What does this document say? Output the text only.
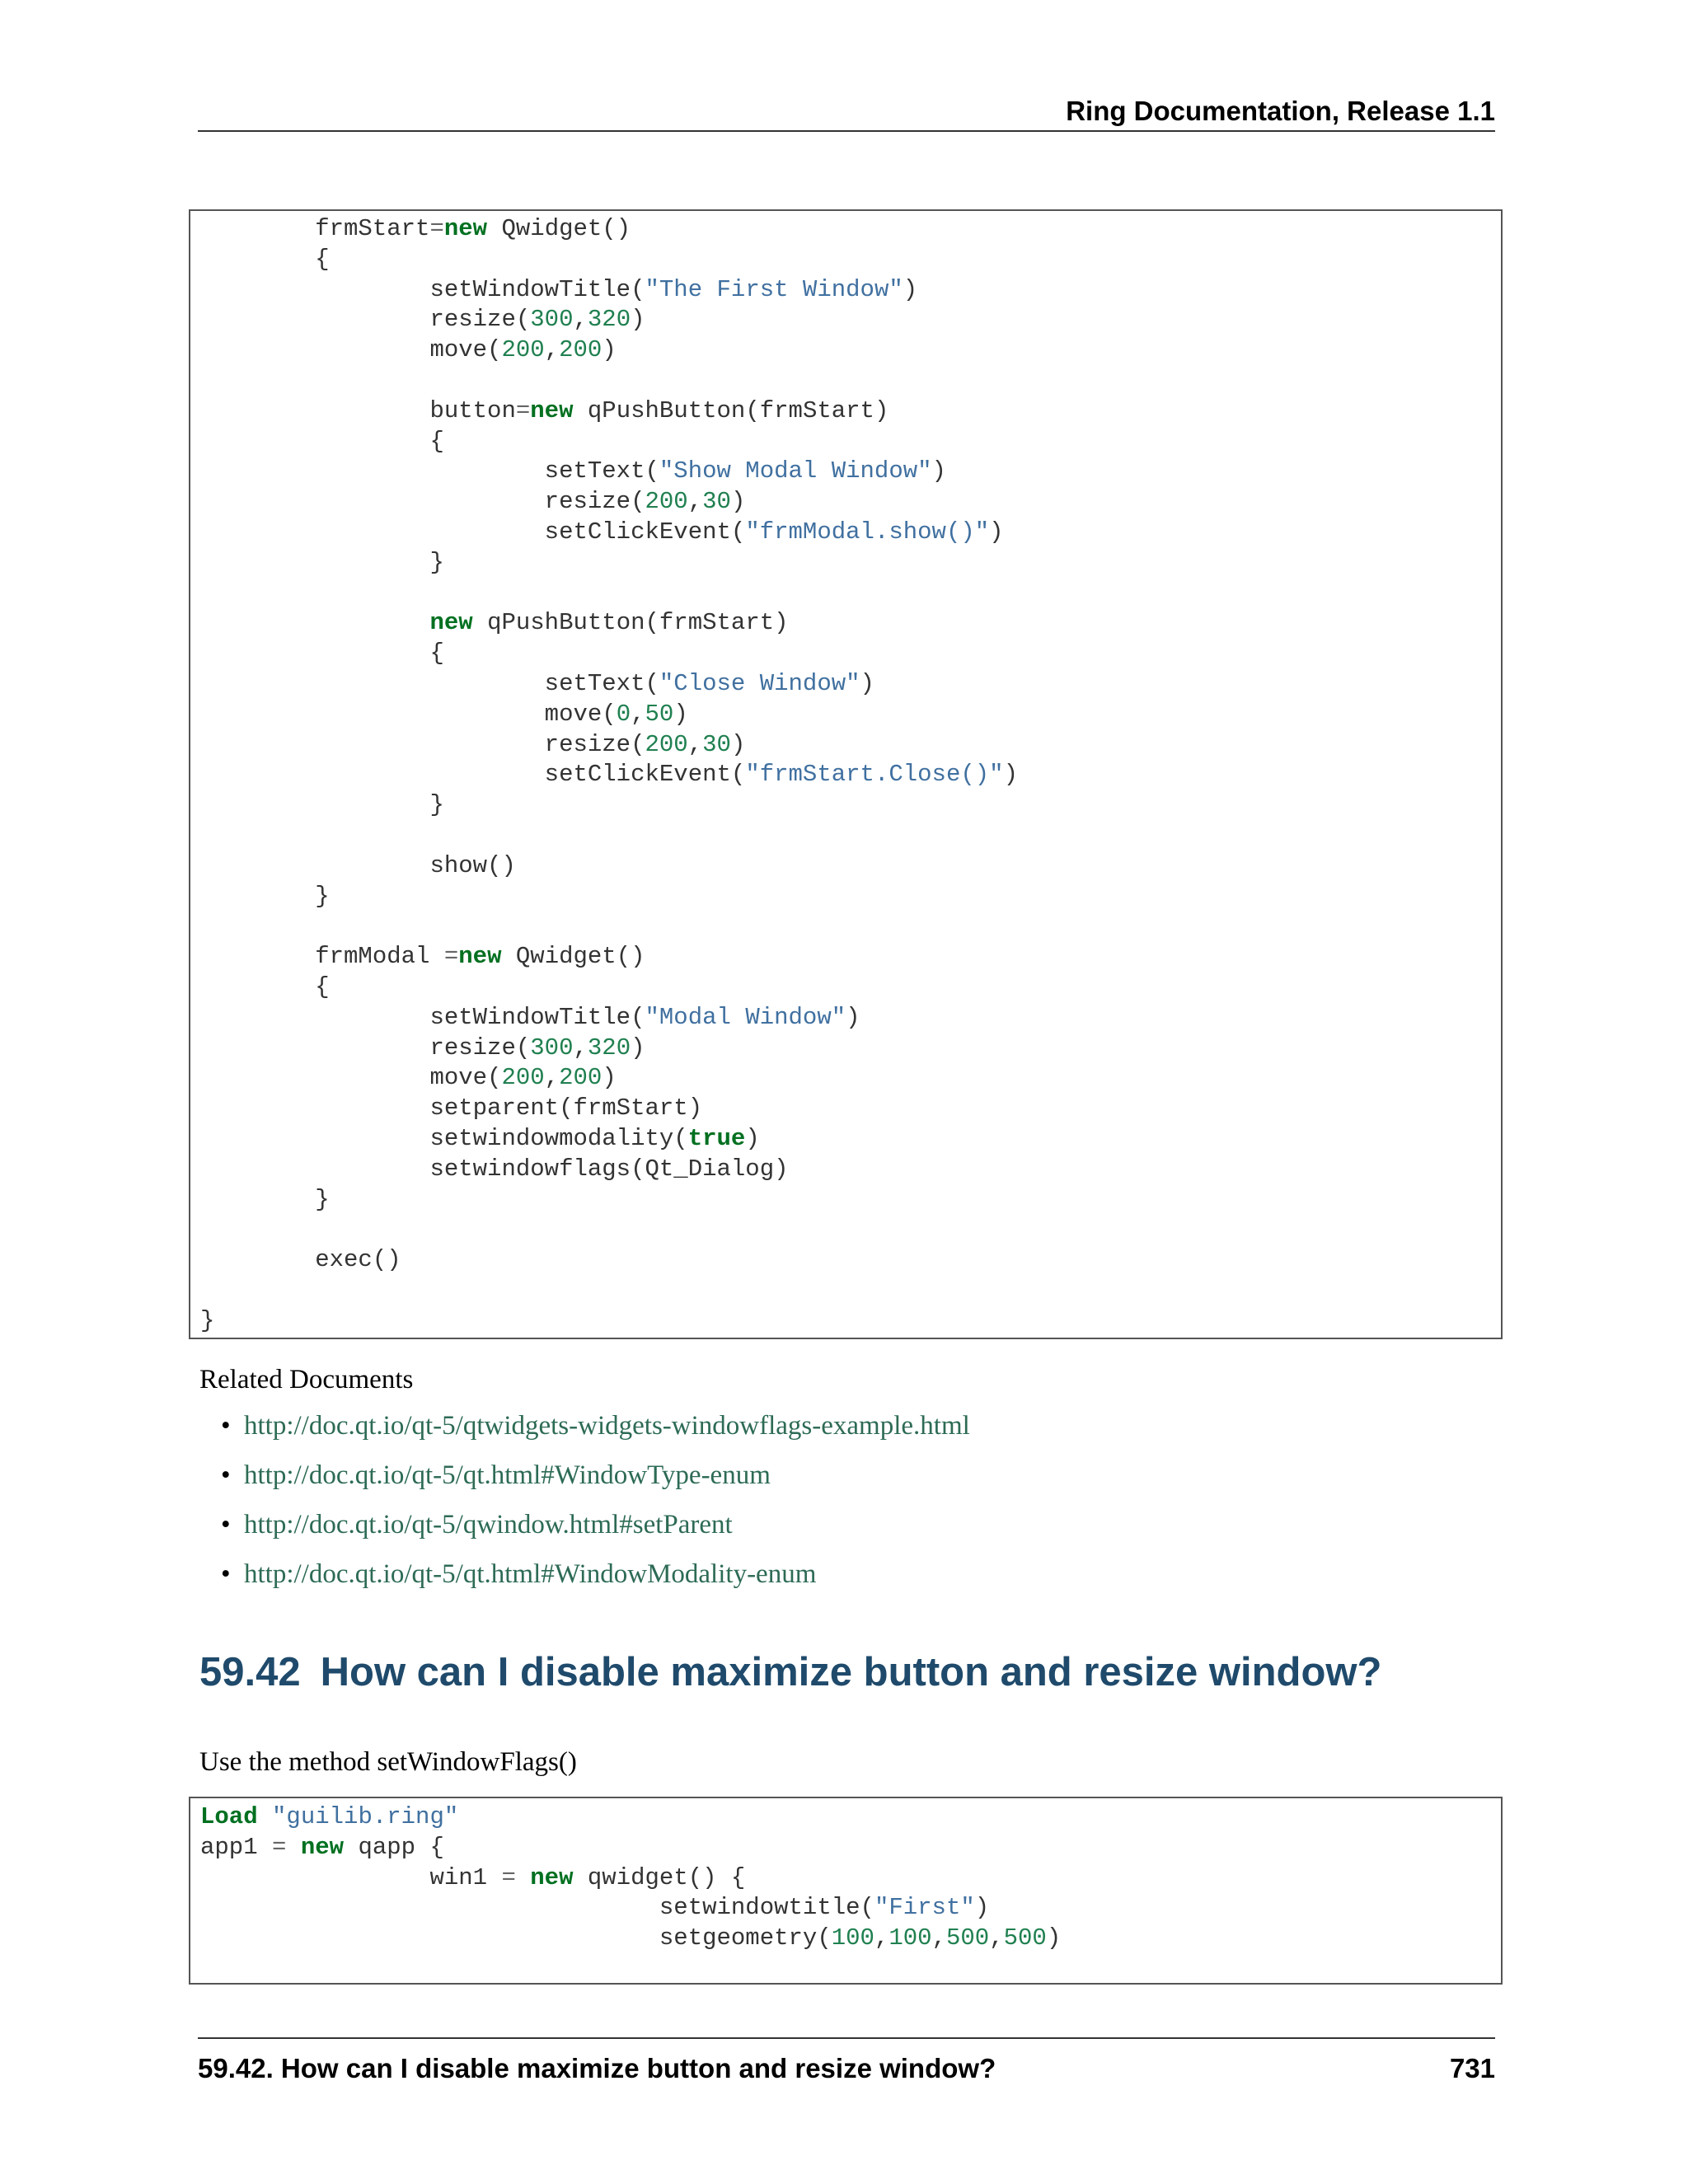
Ring Documentation, Release 1.1
frmStart=new Qwidget()
{
setWindowTitle("The First Window")
resize(300,320)
move(200,200)

button=new qPushButton(frmStart)
{
setText("Show Modal Window")
resize(200,30)
setClickEvent("frmModal.show()")
}

new qPushButton(frmStart)
{
setText("Close Window")
move(0,50)
resize(200,30)
setClickEvent("frmStart.Close()")
}

show()
}

frmModal =new Qwidget()
{
setWindowTitle("Modal Window")
resize(300,320)
move(200,200)
setparent(frmStart)
setwindowmodality(true)
setwindowflags(Qt_Dialog)
}

exec()

}
Related Documents
• http://doc.qt.io/qt-5/qtwidgets-widgets-windowflags-example.html
• http://doc.qt.io/qt-5/qt.html#WindowType-enum
• http://doc.qt.io/qt-5/qwindow.html#setParent
• http://doc.qt.io/qt-5/qt.html#WindowModality-enum
59.42 How can I disable maximize button and resize window?
Use the method setWindowFlags()
Load "guilib.ring"
app1 = new qapp {
win1 = new qwidget() {
setwindowtitle("First")
setgeometry(100,100,500,500)
59.42. How can I disable maximize button and resize window?	731
